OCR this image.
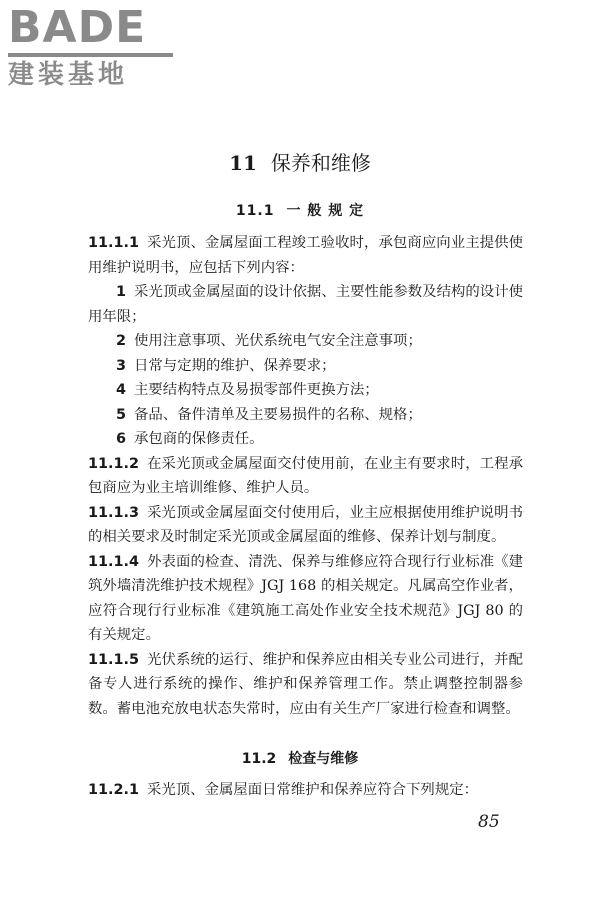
BADE
建装基地
11 保养和维修
11.1 一 般 规 定

11.1.1 采光顶、金属屋面工程竣工验收时，承包商应向业主提供使用维护说明书，应包括下列内容：

1 采光顶或金属屋面的设计依据、主要性能参数及结构的设计使用年限；

2 使用注意事项、光伏系统电气安全注意事项；

3 日常与定期的维护、保养要求；

4 主要结构特点及易损零部件更换方法；

5 备品、备件清单及主要易损件的名称、规格；

6 承包商的保修责任。

11.1.2 在采光顶或金属屋面交付使用前，在业主有要求时，工程承包商应为业主培训维修、维护人员。

11.1.3 采光顶或金属屋面交付使用后，业主应根据使用维护说明书的相关要求及时制定采光顶或金属屋面的维修、保养计划与制度。

11.1.4 外表面的检查、清洗、保养与维修应符合现行行业标准《建筑外墙清洗维护技术规程》JGJ 168 的相关规定。凡属高空作业者，应符合现行行业标准《建筑施工高处作业安全技术规范》JGJ 80 的有关规定。

11.1.5 光伏系统的运行、维护和保养应由相关专业公司进行，并配备专人进行系统的操作、维护和保养管理工作。禁止调整控制器参数。蓄电池充放电状态失常时，应由有关生产厂家进行检查和调整。

11.2 检查与维修

11.2.1 采光顶、金属屋面日常维护和保养应符合下列规定：

85
